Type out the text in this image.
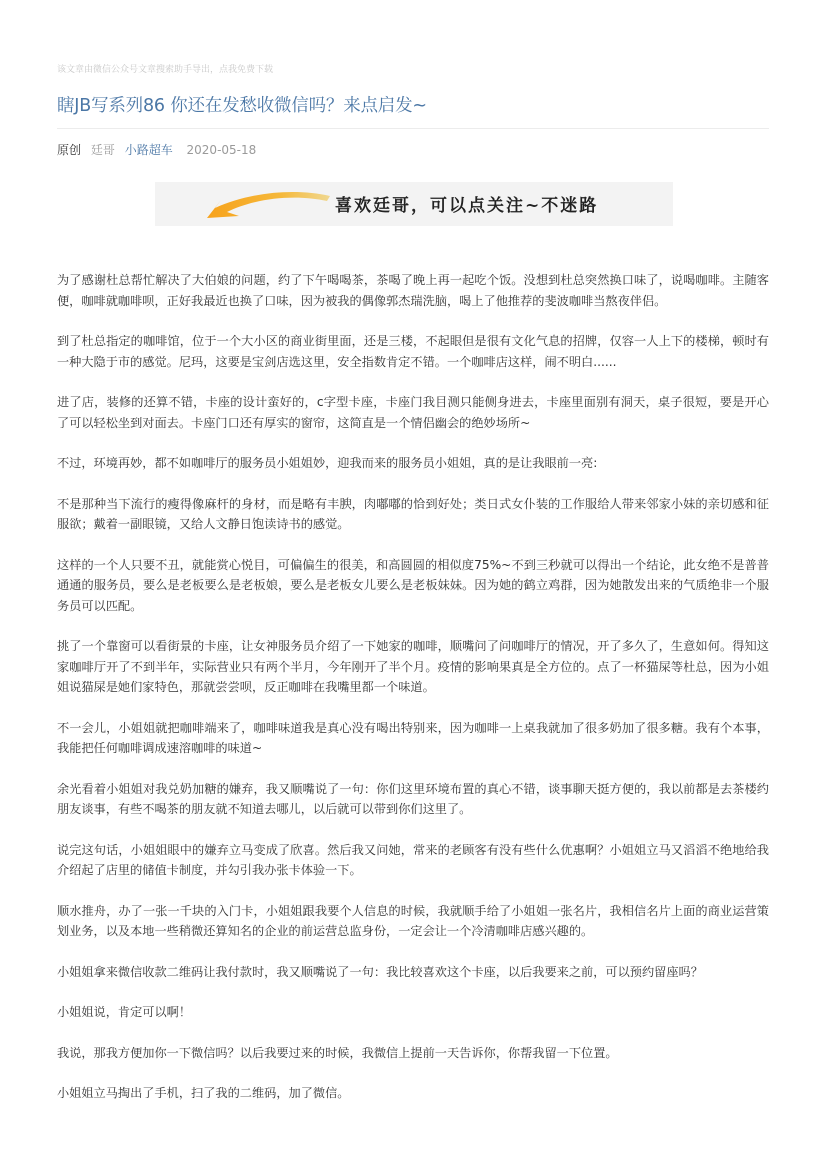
该文章由微信公众号文章搜索助手导出，点我免费下载
瞎JB写系列86 你还在发愁收微信吗？来点启发~
原创 廷哥 小路超车 2020-05-18
喜欢廷哥，可以点关注~不迷路

为了感谢杜总帮忙解决了大伯娘的问题，约了下午喝喝茶，茶喝了晚上再一起吃个饭。没想到杜总突然换口味了，说喝咖啡。主随客便，咖啡就咖啡呗，正好我最近也换了口味，因为被我的偶像郭杰瑞洗脑，喝上了他推荐的斐波咖啡当熬夜伴侣。

到了杜总指定的咖啡馆，位于一个大小区的商业街里面，还是三楼，不起眼但是很有文化气息的招牌，仅容一人上下的楼梯，顿时有一种大隐于市的感觉。尼玛，这要是宝剑店选这里，安全指数肯定不错。一个咖啡店这样，闹不明白......

进了店，装修的还算不错，卡座的设计蛮好的，c字型卡座，卡座门我目测只能侧身进去，卡座里面别有洞天，桌子很短，要是开心了可以轻松坐到对面去。卡座门口还有厚实的窗帘，这简直是一个情侣幽会的绝妙场所~

不过，环境再妙，都不如咖啡厅的服务员小姐姐妙，迎我而来的服务员小姐姐，真的是让我眼前一亮:

不是那种当下流行的瘦得像麻杆的身材，而是略有丰腴，肉嘟嘟的恰到好处；类日式女仆装的工作服给人带来邻家小妹的亲切感和征服欲；戴着一副眼镜，又给人文静日饱读诗书的感觉。

这样的一个人只要不丑，就能赏心悦目，可偏偏生的很美，和高圆圆的相似度75%~不到三秒就可以得出一个结论，此女绝不是普普通通的服务员，要么是老板要么是老板娘，要么是老板女儿要么是老板妹妹。因为她的鹤立鸡群，因为她散发出来的气质绝非一个服务员可以匹配。

挑了一个靠窗可以看街景的卡座，让女神服务员介绍了一下她家的咖啡，顺嘴问了问咖啡厅的情况，开了多久了，生意如何。得知这家咖啡厅开了不到半年，实际营业只有两个半月，今年刚开了半个月。疫情的影响果真是全方位的。点了一杯猫屎等杜总，因为小姐姐说猫屎是她们家特色，那就尝尝呗，反正咖啡在我嘴里都一个味道。

不一会儿，小姐姐就把咖啡端来了，咖啡味道我是真心没有喝出特别来，因为咖啡一上桌我就加了很多奶加了很多糖。我有个本事，我能把任何咖啡调成速溶咖啡的味道~

余光看着小姐姐对我兑奶加糖的嫌弃，我又顺嘴说了一句：你们这里环境布置的真心不错，谈事聊天挺方便的，我以前都是去茶楼约朋友谈事，有些不喝茶的朋友就不知道去哪儿，以后就可以带到你们这里了。

说完这句话，小姐姐眼中的嫌弃立马变成了欣喜。然后我又问她，常来的老顾客有没有些什么优惠啊？小姐姐立马又滔滔不绝地给我介绍起了店里的储值卡制度，并勾引我办张卡体验一下。

顺水推舟，办了一张一千块的入门卡，小姐姐跟我要个人信息的时候，我就顺手给了小姐姐一张名片，我相信名片上面的商业运营策划业务，以及本地一些稍微还算知名的企业的前运营总监身份，一定会让一个冷清咖啡店感兴趣的。

小姐姐拿来微信收款二维码让我付款时，我又顺嘴说了一句：我比较喜欢这个卡座，以后我要来之前，可以预约留座吗？

小姐姐说，肯定可以啊！

我说，那我方便加你一下微信吗？以后我要过来的时候，我微信上提前一天告诉你，你帮我留一下位置。

小姐姐立马掏出了手机，扫了我的二维码，加了微信。
